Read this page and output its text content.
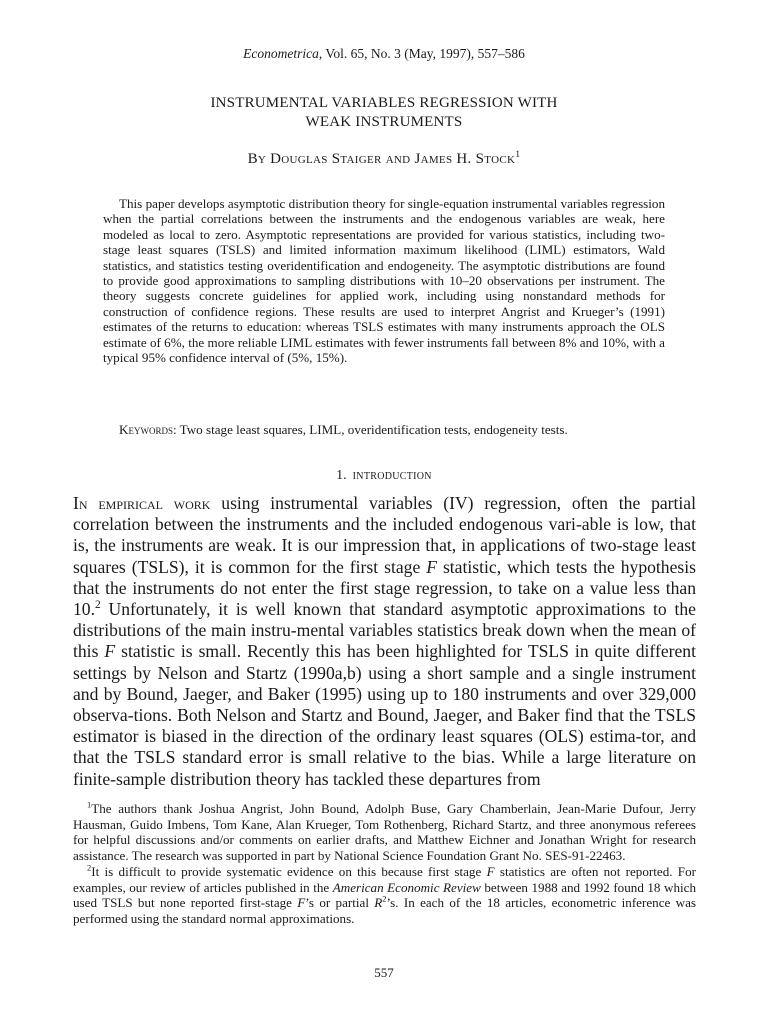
Econometrica, Vol. 65, No. 3 (May, 1997), 557–586
INSTRUMENTAL VARIABLES REGRESSION WITH
WEAK INSTRUMENTS
By Douglas Staiger and James H. Stock$^1$

This paper develops asymptotic distribution theory for single-equation instrumental variables regression when the partial correlations between the instruments and the endogenous variables are weak, here modeled as local to zero. Asymptotic representations are provided for various statistics, including two-stage least squares (TSLS) and limited information maximum likelihood (LIML) estimators, Wald statistics, and statistics testing overidentification and endogeneity. The asymptotic distributions are found to provide good approximations to sampling distributions with 10–20 observations per instrument. The theory suggests concrete guidelines for applied work, including using nonstandard methods for construction of confidence regions. These results are used to interpret Angrist and Krueger’s (1991) estimates of the returns to education: whereas TSLS estimates with many instruments approach the OLS estimate of 6%, the more reliable LIML estimates with fewer instruments fall between 8% and 10%, with a typical 95% confidence interval of (5%, 15%).

Keywords: Two stage least squares, LIML, overidentification tests, endogeneity tests.

1. introduction

In empirical work using instrumental variables (IV) regression, often the partial correlation between the instruments and the included endogenous vari-able is low, that is, the instruments are weak. It is our impression that, in applications of two-stage least squares (TSLS), it is common for the first stage F statistic, which tests the hypothesis that the instruments do not enter the first stage regression, to take on a value less than 10.$^2$ Unfortunately, it is well known that standard asymptotic approximations to the distributions of the main instru-mental variables statistics break down when the mean of this F statistic is small. Recently this has been highlighted for TSLS in quite different settings by Nelson and Startz (1990a,b) using a short sample and a single instrument and by Bound, Jaeger, and Baker (1995) using up to 180 instruments and over 329,000 observa-tions. Both Nelson and Startz and Bound, Jaeger, and Baker find that the TSLS estimator is biased in the direction of the ordinary least squares (OLS) estima-tor, and that the TSLS standard error is small relative to the bias. While a large literature on finite-sample distribution theory has tackled these departures from

$^1$The authors thank Joshua Angrist, John Bound, Adolph Buse, Gary Chamberlain, Jean-Marie Dufour, Jerry Hausman, Guido Imbens, Tom Kane, Alan Krueger, Tom Rothenberg, Richard Startz, and three anonymous referees for helpful discussions and/or comments on earlier drafts, and Matthew Eichner and Jonathan Wright for research assistance. The research was supported in part by National Science Foundation Grant No. SES-91-22463.

$^2$It is difficult to provide systematic evidence on this because first stage F statistics are often not reported. For examples, our review of articles published in the American Economic Review between 1988 and 1992 found 18 which used TSLS but none reported first-stage F’s or partial $R^2’s$. In each of the 18 articles, econometric inference was performed using the standard normal approximations.

557
